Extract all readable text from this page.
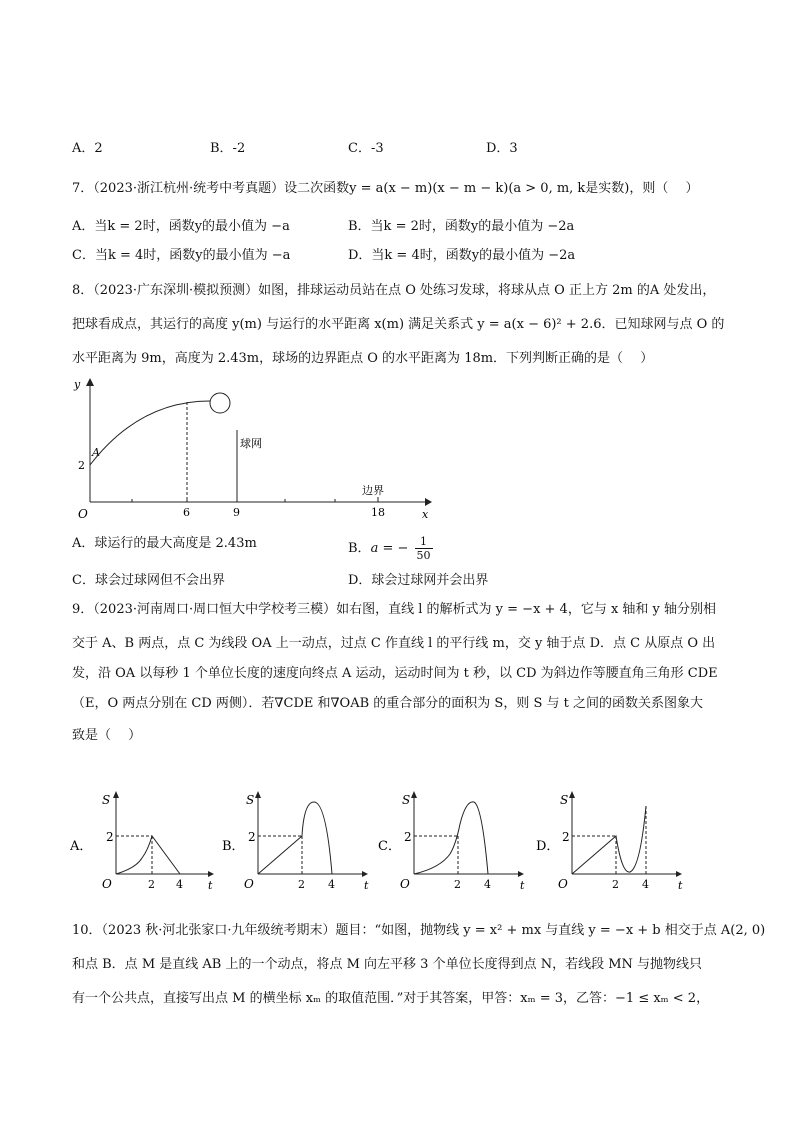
A．2	B．-2	C．-3	D．3
7．（2023·浙江杭州·统考中考真题）设二次函数y = a(x − m)(x − m − k)(a > 0, m, k是实数)，则（　 ）
A．当k = 2时，函数y的最小值为 −a	B．当k = 2时，函数y的最小值为 −2a
C．当k = 4时，函数y的最小值为 −a	D．当k = 4时，函数y的最小值为 −2a
8．（2023·广东深圳·模拟预测）如图，排球运动员站在点 O 处练习发球，将球从点 O 正上方 2m 的A 处发出，
把球看成点，其运行的高度 y(m) 与运行的水平距离 x(m) 满足关系式 y = a(x − 6)² + 2.6．已知球网与点 O 的
水平距离为 9m，高度为 2.43m，球场的边界距点 O 的水平距离为 18m．下列判断正确的是（　 ）
y
x
O
2
A
球网
6	9	18
边界
A．球运行的最大高度是 2.43m	B．a = − $\frac{1}{50}$
C．球会过球网但不会出界	D．球会过球网并会出界
9．（2023·河南周口·周口恒大中学校考三模）如右图，直线 l 的解析式为 y = −x + 4，它与 x 轴和 y 轴分别相
交于 A、B 两点，点 C 为线段 OA 上一动点，过点 C 作直线 l 的平行线 m，交 y 轴于点 D．点 C 从原点 O 出
发，沿 OA 以每秒 1 个单位长度的速度向终点 A 运动，运动时间为 t 秒，以 CD 为斜边作等腰直角三角形 CDE
（E，O 两点分别在 CD 两侧）．若∇CDE 和∇OAB 的重合部分的面积为 S，则 S 与 t 之间的函数关系图象大
致是（　 ）
A．
S
t
O
2
2 4
B．
S
t
O
2
2 4
C．
S
t
O
2
2 4
D．
S
t
O
2
2 4
10．（2023 秋·河北张家口·九年级统考期末）题目：“如图，抛物线 y = x² + mx 与直线 y = −x + b 相交于点 A(2, 0)
和点 B．点 M 是直线 AB 上的一个动点，将点 M 向左平移 3 个单位长度得到点 N，若线段 MN 与抛物线只
有一个公共点，直接写出点 M 的横坐标 xₘ 的取值范围．”对于其答案，甲答：xₘ = 3，乙答：−1 ≤ xₘ < 2，
